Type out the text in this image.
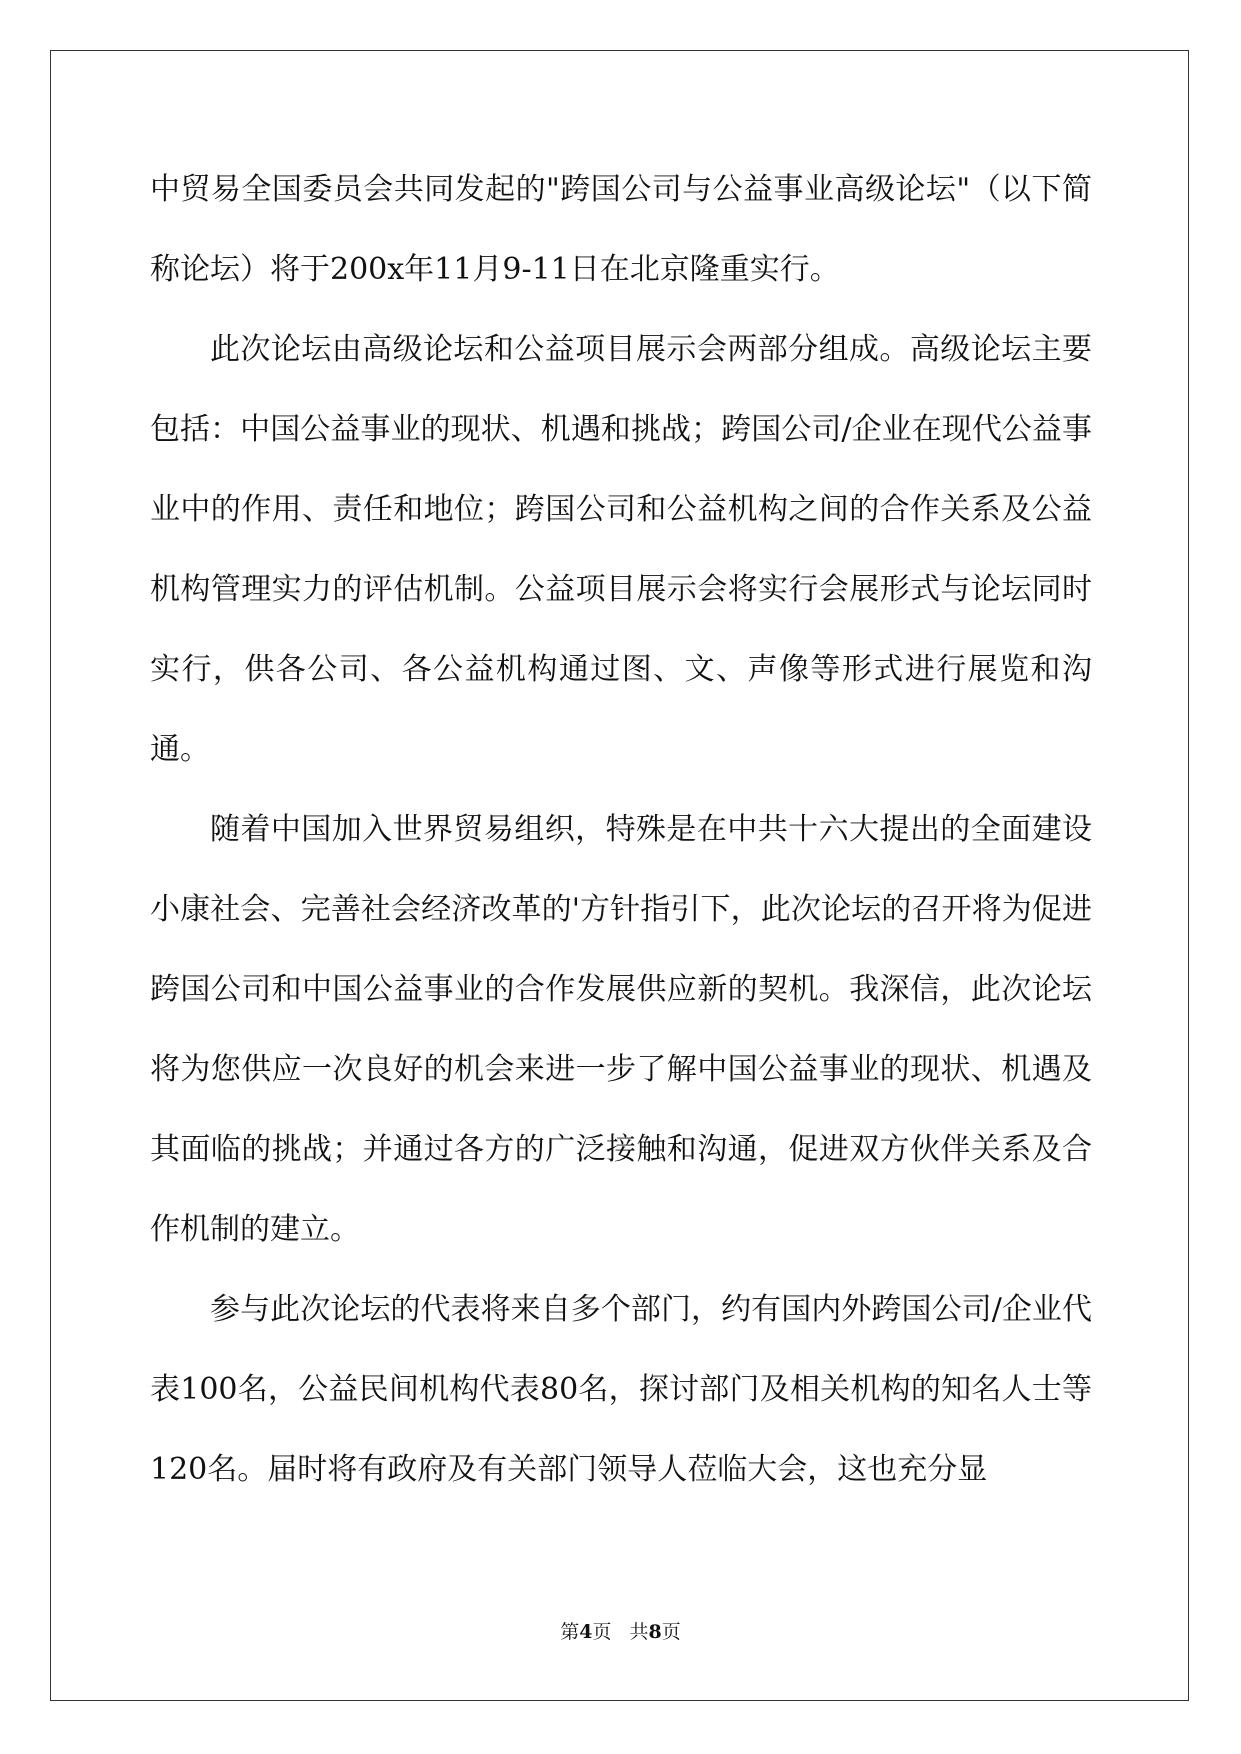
中贸易全国委员会共同发起的"跨国公司与公益事业高级论坛"（以下简称论坛）将于200x年11月9-11日在北京隆重实行。

此次论坛由高级论坛和公益项目展示会两部分组成。高级论坛主要包括：中国公益事业的现状、机遇和挑战；跨国公司/企业在现代公益事业中的作用、责任和地位；跨国公司和公益机构之间的合作关系及公益机构管理实力的评估机制。公益项目展示会将实行会展形式与论坛同时实行，供各公司、各公益机构通过图、文、声像等形式进行展览和沟通。

随着中国加入世界贸易组织，特殊是在中共十六大提出的全面建设小康社会、完善社会经济改革的'方针指引下，此次论坛的召开将为促进跨国公司和中国公益事业的合作发展供应新的契机。我深信，此次论坛将为您供应一次良好的机会来进一步了解中国公益事业的现状、机遇及其面临的挑战；并通过各方的广泛接触和沟通，促进双方伙伴关系及合作机制的建立。

参与此次论坛的代表将来自多个部门，约有国内外跨国公司/企业代表100名，公益民间机构代表80名，探讨部门及相关机构的知名人士等120名。届时将有政府及有关部门领导人莅临大会，这也充分显

第4页 共8页
